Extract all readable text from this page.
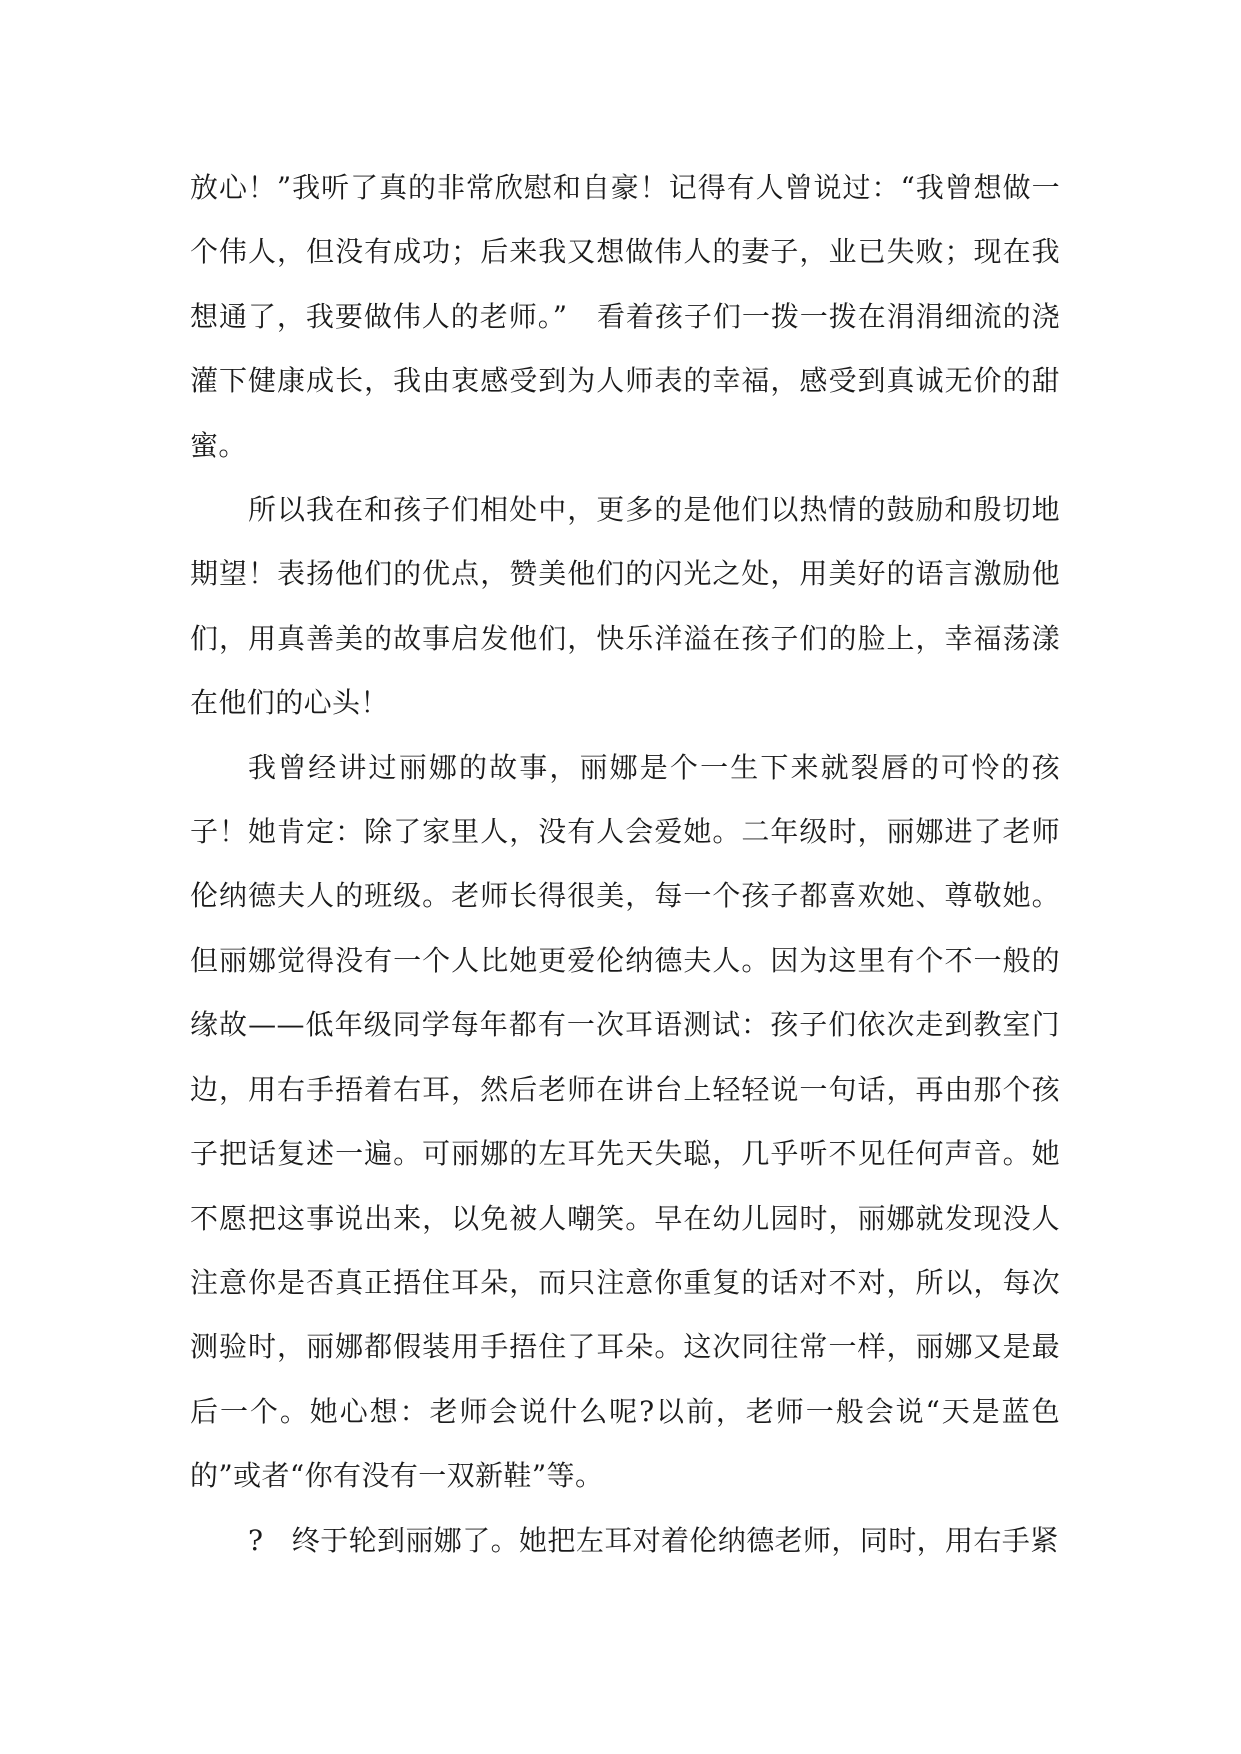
放心！”我听了真的非常欣慰和自豪！记得有人曾说过：“我曾想做一个伟人，但没有成功；后来我又想做伟人的妻子，业已失败；现在我想通了，我要做伟人的老师。”　看着孩子们一拨一拨在涓涓细流的浇灌下健康成长，我由衷感受到为人师表的幸福，感受到真诚无价的甜蜜。

所以我在和孩子们相处中，更多的是他们以热情的鼓励和殷切地期望！表扬他们的优点，赞美他们的闪光之处，用美好的语言激励他们，用真善美的故事启发他们，快乐洋溢在孩子们的脸上，幸福荡漾在他们的心头！

我曾经讲过丽娜的故事，丽娜是个一生下来就裂唇的可怜的孩子！她肯定：除了家里人，没有人会爱她。二年级时，丽娜进了老师伦纳德夫人的班级。老师长得很美，每一个孩子都喜欢她、尊敬她。但丽娜觉得没有一个人比她更爱伦纳德夫人。因为这里有个不一般的缘故——低年级同学每年都有一次耳语测试：孩子们依次走到教室门边，用右手捂着右耳，然后老师在讲台上轻轻说一句话，再由那个孩子把话复述一遍。可丽娜的左耳先天失聪，几乎听不见任何声音。她不愿把这事说出来，以免被人嘲笑。早在幼儿园时，丽娜就发现没人注意你是否真正捂住耳朵，而只注意你重复的话对不对，所以，每次测验时，丽娜都假装用手捂住了耳朵。这次同往常一样，丽娜又是最后一个。她心想：老师会说什么呢?以前，老师一般会说“天是蓝色的”或者“你有没有一双新鞋”等。

?　终于轮到丽娜了。她把左耳对着伦纳德老师，同时，用右手紧
